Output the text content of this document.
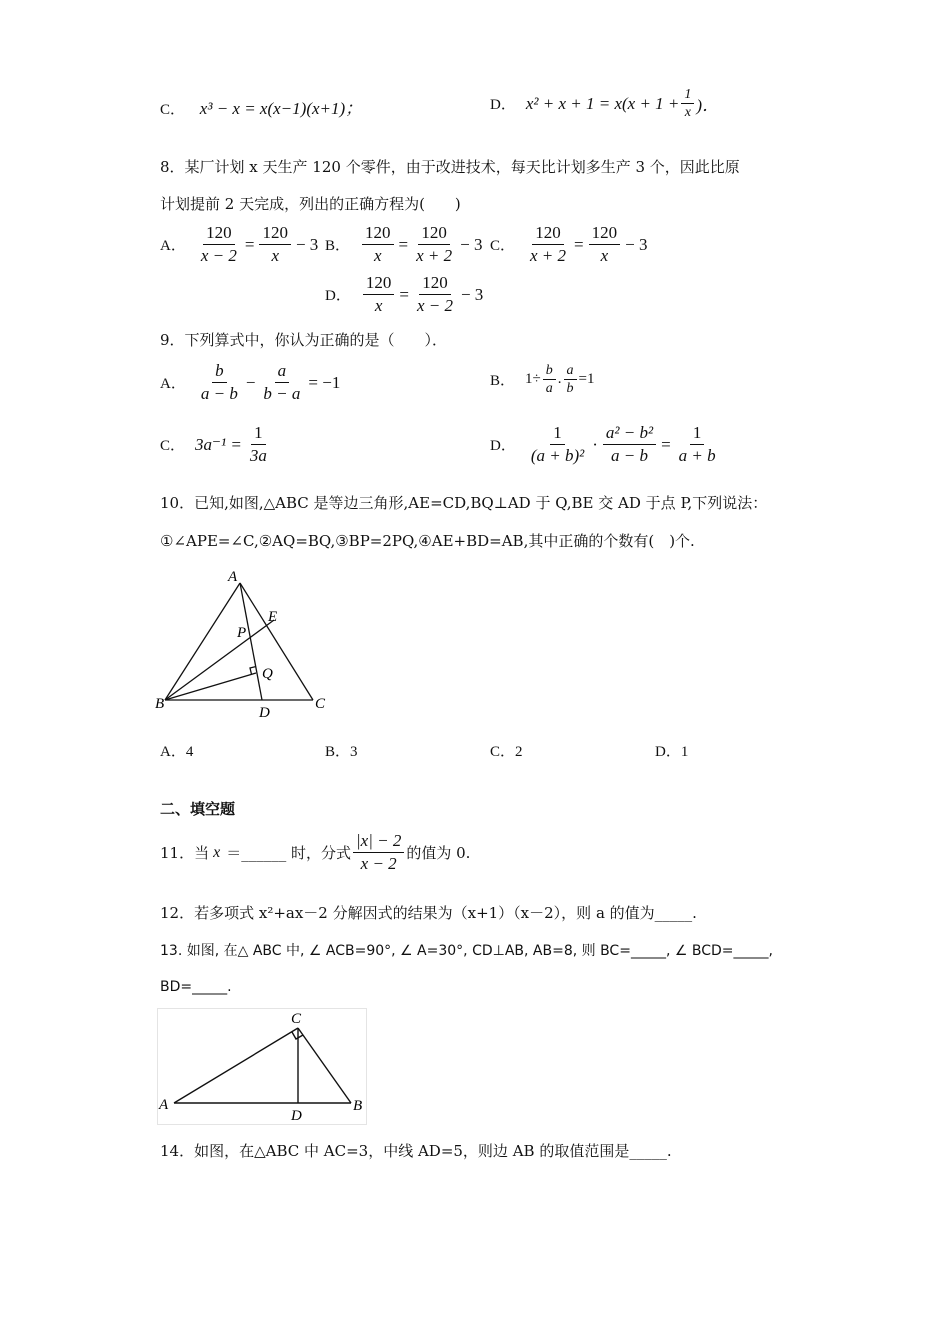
C． x³ − x = x(x−1)(x+1)；	D． $x^2 + x + 1 = x(x + 1 + \frac{1}{x}$ )．
8．某厂计划 x 天生产 120 个零件，由于改进技术，每天比计划多生产 3 个，因此比原
计划提前 2 天完成，列出的正确方程为(　　)
A． $\frac{120}{x - 2} = \frac{120}{x} - 3$ B． $\frac{120}{x} = \frac{120}{x + 2} - 3$ C． $\frac{120}{x + 2} = \frac{120}{x} - 3$
D． $\frac{120}{x} = \frac{120}{x - 2} - 3$
9．下列算式中，你认为正确的是（　　）．
A． $\frac{b}{a - b} - \frac{a}{b - a} = -1$	B． $1\div \frac{b}{a}$ . $\frac{a}{b} =1$
C． $3a^{-1} = \frac{1}{3a}$	D． $\frac{1}{\text{(a + b)²}} \cdot \frac{\text{a² − b²}}{a - b} = \frac{1}{a + b}$
10．已知,如图,△ABC 是等边三角形,AE=CD,BQ⊥AD 于 Q,BE 交 AD 于点 P,下列说法：
①∠APE=∠C,②AQ=BQ,③BP=2PQ,④AE+BD=AB,其中正确的个数有(　)个.
A
B	C
D
E
P
Q
A．4	B．3	C．2	D．1
二、填空题
11．当 x ＝______ 时，分式 $\frac{|x| - 2}{x - 2}$ 的值为 0.
12．若多项式 x²+ax－2 分解因式的结果为（x+1）（x－2），则 a 的值为_____.
13. 如图, 在△ ABC 中, ∠ ACB=90°, ∠ A=30°, CD⊥AB, AB=8, 则 BC=_____, ∠ BCD=_____,
BD=_____.
A	B
C
D
14．如图，在△ABC 中 AC=3，中线 AD=5，则边 AB 的取值范围是_____.
